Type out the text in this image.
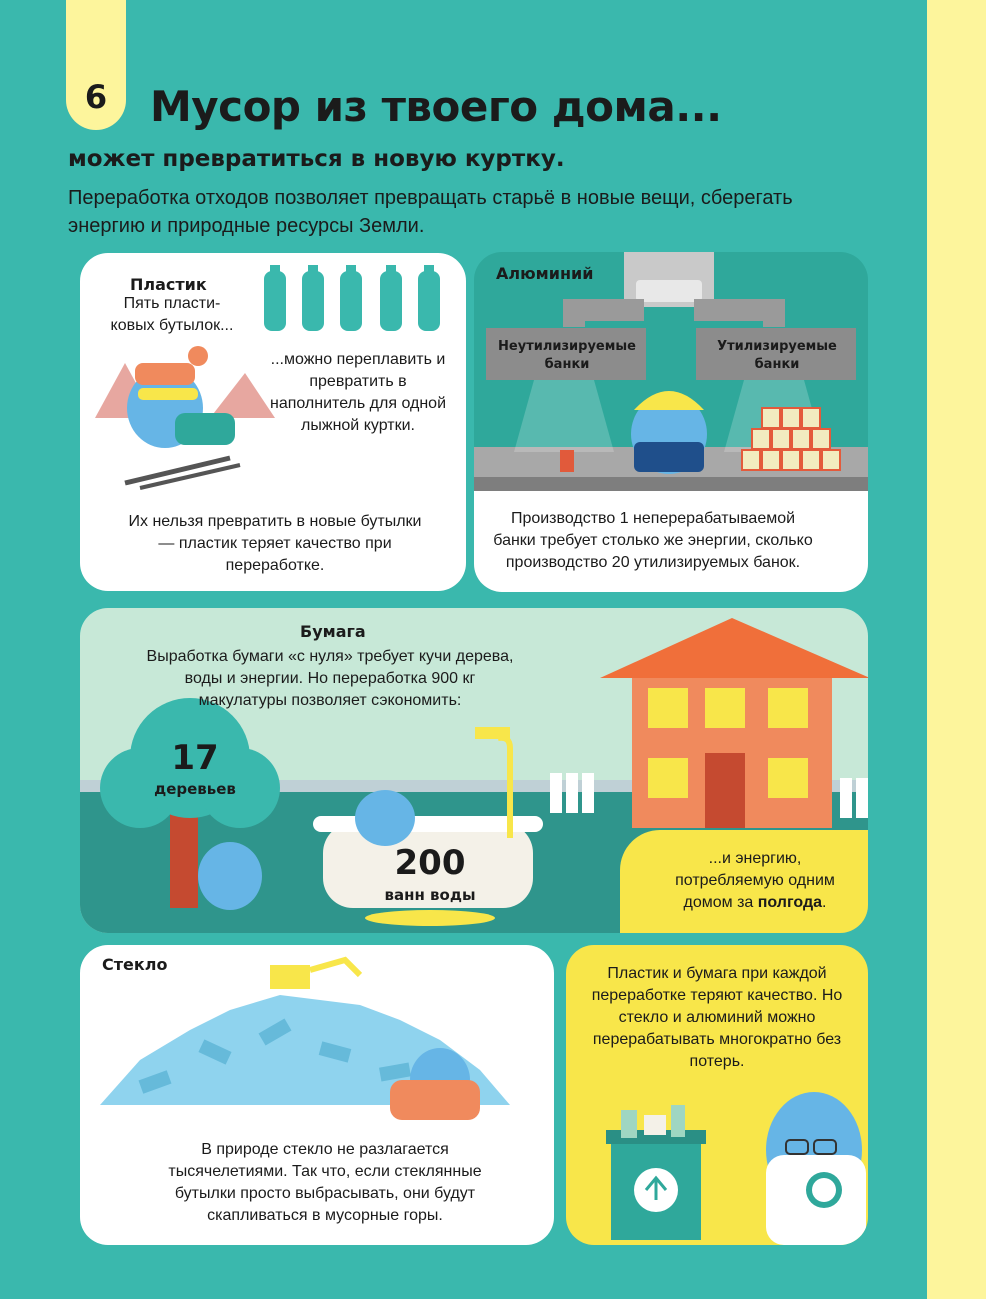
6	Мусор из твоего дома...
может превратиться в новую куртку.

Переработка отходов позволяет превращать старьё в новые вещи, сберегать энергию и природные ресурсы Земли.

Пластик

Пять пласти-ковых бутылок...

...можно переплавить и превратить в наполнитель для одной лыжной куртки.

Их нельзя превратить в новые бутылки — пластик теряет качество при переработке.

Алюминий

Неутилизируемые банки
Утилизируемые банки

Производство 1 неперерабатываемой банки требует столько же энергии, сколько производство 20 утилизируемых банок.

Бумага

Выработка бумаги «с нуля» требует кучи дерева, воды и энергии. Но переработка 900 кг макулатуры позволяет сэкономить:

17

деревьев

200

ванн воды

...и энергию, потребляемую одним домом за полгода.

Стекло

В природе стекло не разлагается тысячелетиями. Так что, если стеклянные бутылки просто выбрасывать, они будут скапливаться в мусорные горы.

Пластик и бумага при каждой переработке теряют качество. Но стекло и алюминий можно перерабатывать многократно без потерь.
